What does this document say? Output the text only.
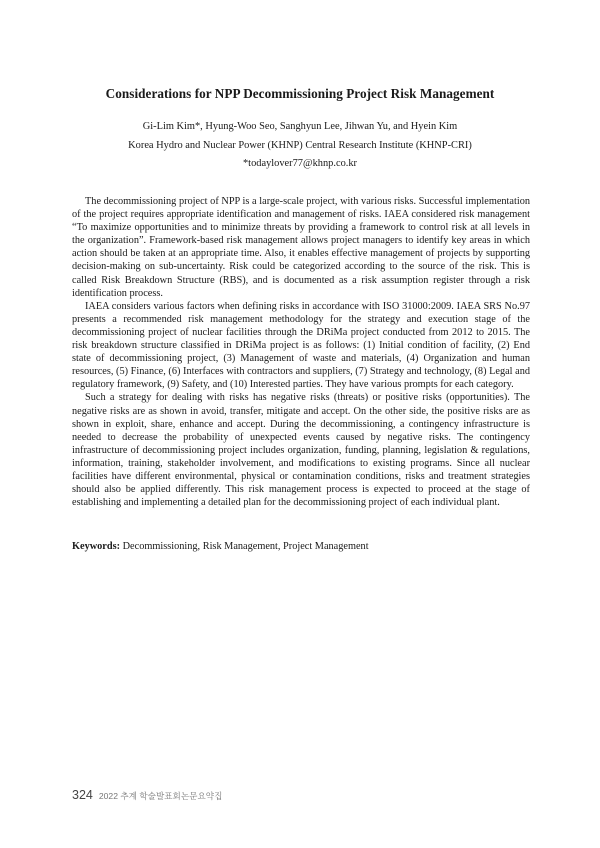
Considerations for NPP Decommissioning Project Risk Management
Gi-Lim Kim*, Hyung-Woo Seo, Sanghyun Lee, Jihwan Yu, and Hyein Kim
Korea Hydro and Nuclear Power (KHNP) Central Research Institute (KHNP-CRI)
*todaylover77@khnp.co.kr

The decommissioning project of NPP is a large-scale project, with various risks. Successful implementation of the project requires appropriate identification and management of risks. IAEA considered risk management “To maximize opportunities and to minimize threats by providing a framework to control risk at all levels in the organization”. Framework-based risk management allows project managers to identify key areas in which action should be taken at an appropriate time. Also, it enables effective management of projects by supporting decision-making on sub-uncertainty. Risk could be categorized according to the source of the risk. This is called Risk Breakdown Structure (RBS), and is documented as a risk assumption register through a risk identification process.

IAEA considers various factors when defining risks in accordance with ISO 31000:2009. IAEA SRS No.97 presents a recommended risk management methodology for the strategy and execution stage of the decommissioning project of nuclear facilities through the DRiMa project conducted from 2012 to 2015. The risk breakdown structure classified in DRiMa project is as follows: (1) Initial condition of facility, (2) End state of decommissioning project, (3) Management of waste and materials, (4) Organization and human resources, (5) Finance, (6) Interfaces with contractors and suppliers, (7) Strategy and technology, (8) Legal and regulatory framework, (9) Safety, and (10) Interested parties. They have various prompts for each category.

Such a strategy for dealing with risks has negative risks (threats) or positive risks (opportunities). The negative risks are as shown in avoid, transfer, mitigate and accept. On the other side, the positive risks are as shown in exploit, share, enhance and accept. During the decommissioning, a contingency infrastructure is needed to decrease the probability of unexpected events caused by negative risks. The contingency infrastructure of decommissioning project includes organization, funding, planning, legislation & regulations, information, training, stakeholder involvement, and modifications to existing programs. Since all nuclear facilities have different environmental, physical or contamination conditions, risks and treatment strategies should also be applied differently. This risk management process is expected to proceed at the stage of establishing and implementing a detailed plan for the decommissioning project of each individual plant.

Keywords: Decommissioning, Risk Management, Project Management
324 2022 추계 학술발표회논문요약집
